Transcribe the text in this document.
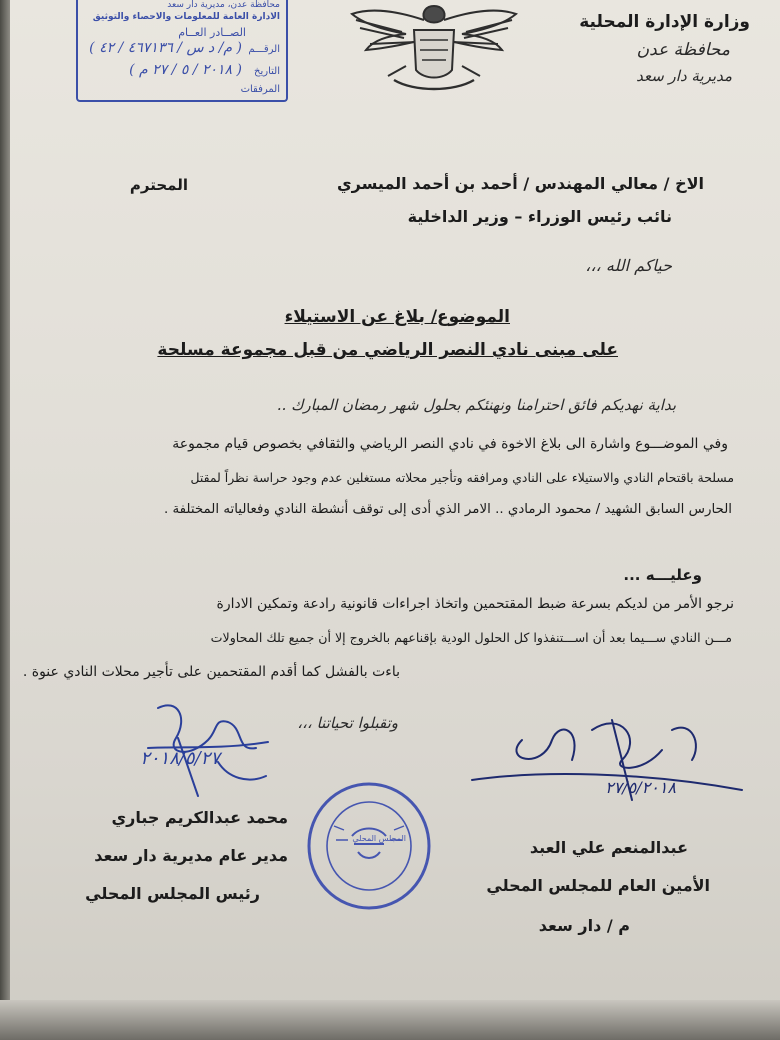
وزارة الإدارة المحلية
محافظة عدن
مديرية دار سعد
محافظة عدن، مديرية دار سعد
الادارة العامة للمعلومات والاحصاء والتوثيق
الصــادر العــام
الرقـــم
( م/ د س / ٤٦٧١٣٦ / ٤٢ )
التاريخ
( ٢٠١٨ / ٥ / ٢٧ م )
المرفقات
الاخ / معالي المهندس / أحمد بن أحمد الميسري
المحترم
نائب رئيس الوزراء – وزير الداخلية
حياكم الله ،،،
الموضوع/ بلاغ عن الاستيلاء
على مبنى نادي النصر الرياضي من قبل مجموعة مسلحة
بداية نهديكم فائق احترامنا ونهنئكم بحلول شهر رمضان المبارك ..
وفي الموضـــوع واشارة الى بلاغ الاخوة في نادي النصر الرياضي والثقافي بخصوص قيام مجموعة
مسلحة باقتحام النادي والاستيلاء على النادي ومرافقه وتأجير محلاته مستغلين عدم وجود حراسة نظراً لمقتل
الحارس السابق الشهيد / محمود الرمادي .. الامر الذي أدى إلى توقف أنشطة النادي وفعالياته المختلفة .
وعليـــه ...
نرجو الأمر من لديكم بسرعة ضبط المقتحمين واتخاذ اجراءات قانونية رادعة وتمكين الادارة
مـــن النادي ســـيما بعد أن اســـتنفذوا كل الحلول الودية بإقناعهم بالخروج إلا أن جميع تلك المحاولات
باءت بالفشل كما أقدم المقتحمين على تأجير محلات النادي عنوة .
وتقبلوا تحياتنا ،،،
٢٠١٨/٥/٢٧
٢٧/٥/٢٠١٨
المجلس المحلي
محمد عبدالكريم جباري
مدير عام مديرية دار سعد
رئيس المجلس المحلي
عبدالمنعم علي العبد
الأمين العام للمجلس المحلي
م / دار سعد
